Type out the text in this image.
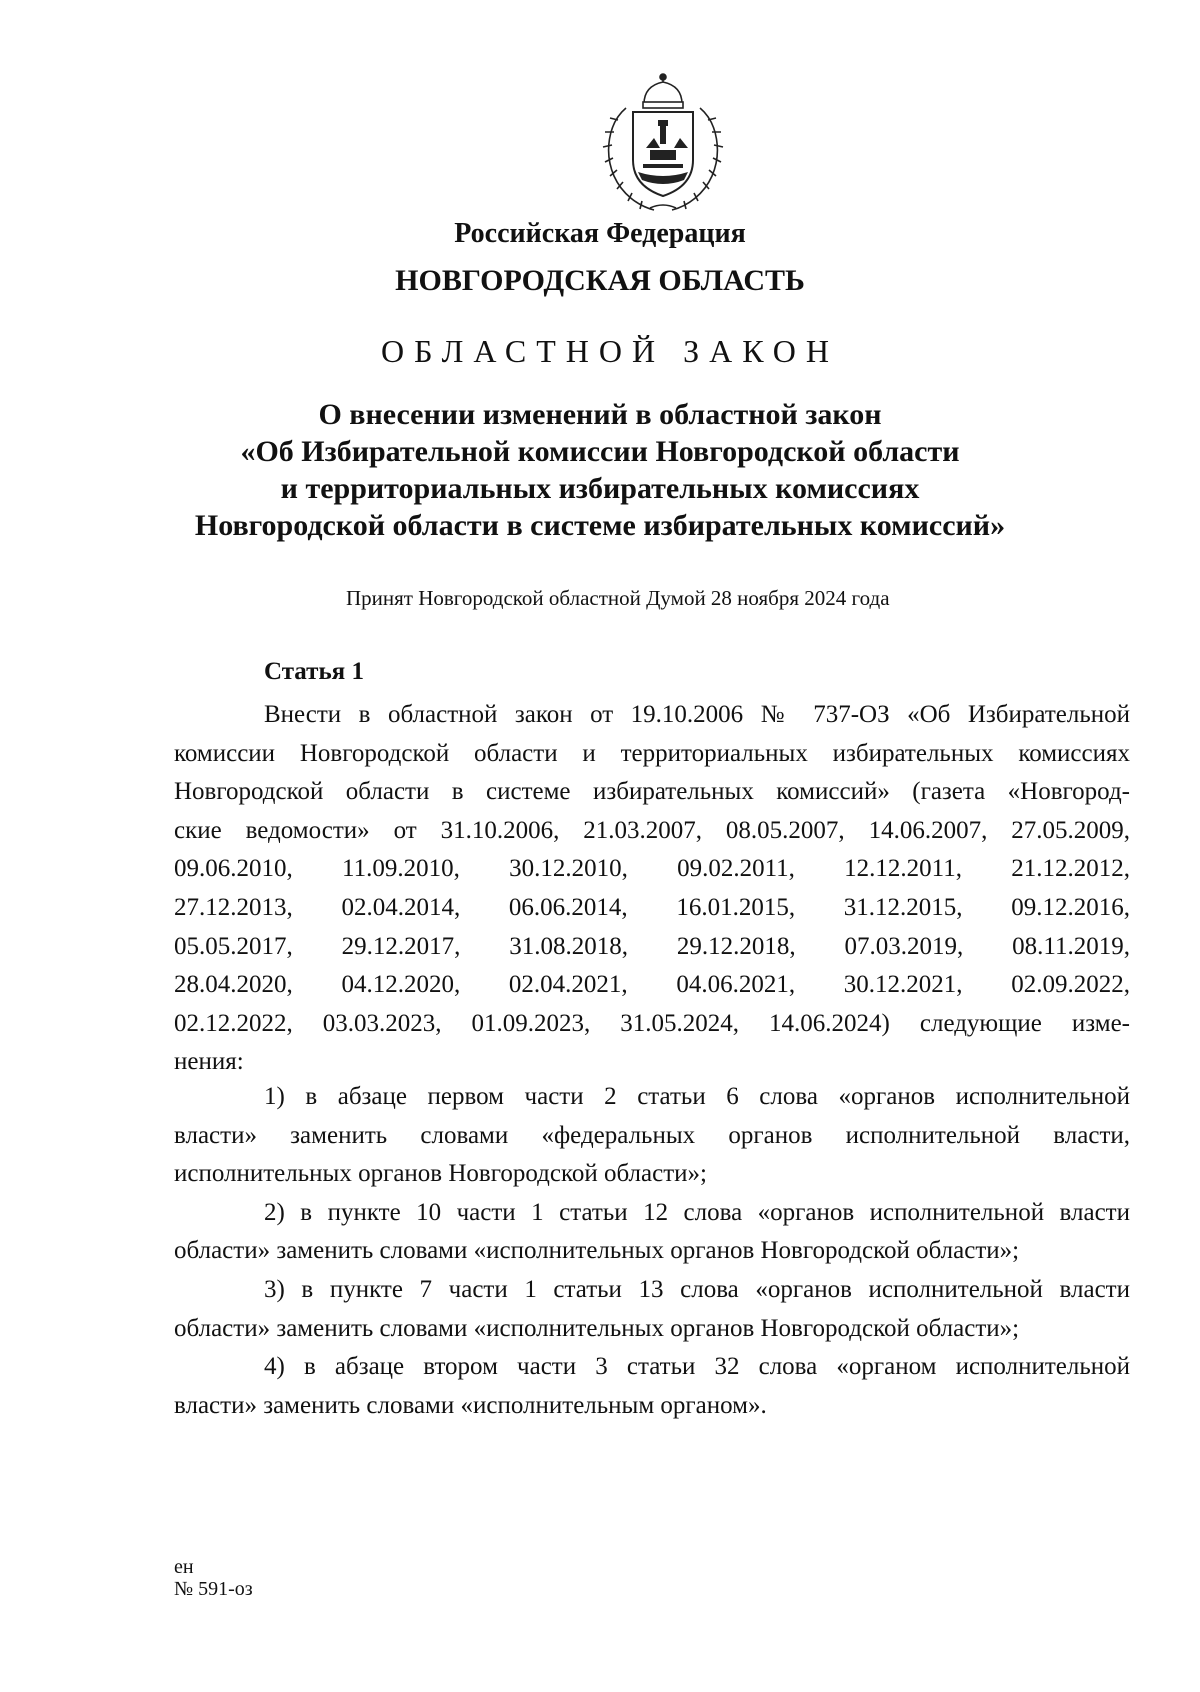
Российская Федерация
НОВГОРОДСКАЯ ОБЛАСТЬ
ОБЛАСТНОЙ ЗАКОН
О внесении изменений в областной закон
«Об Избирательной комиссии Новгородской области
и территориальных избирательных комиссиях
Новгородской области в системе избирательных комиссий»
Принят Новгородской областной Думой 28 ноября 2024 года
Статья 1
Внести в областной закон от 19.10.2006 № 737-ОЗ «Об Избирательной
комиссии Новгородской области и территориальных избирательных комиссиях
Новгородской области в системе избирательных комиссий» (газета «Новгород-
ские ведомости» от 31.10.2006, 21.03.2007, 08.05.2007, 14.06.2007, 27.05.2009,
09.06.2010, 11.09.2010, 30.12.2010, 09.02.2011, 12.12.2011, 21.12.2012,
27.12.2013, 02.04.2014, 06.06.2014, 16.01.2015, 31.12.2015, 09.12.2016,
05.05.2017, 29.12.2017, 31.08.2018, 29.12.2018, 07.03.2019, 08.11.2019,
28.04.2020, 04.12.2020, 02.04.2021, 04.06.2021, 30.12.2021, 02.09.2022,
02.12.2022, 03.03.2023, 01.09.2023, 31.05.2024, 14.06.2024) следующие изме-
нения:
1) в абзаце первом части 2 статьи 6 слова «органов исполнительной
власти» заменить словами «федеральных органов исполнительной власти,
исполнительных органов Новгородской области»;
2) в пункте 10 части 1 статьи 12 слова «органов исполнительной власти
области» заменить словами «исполнительных органов Новгородской области»;
3) в пункте 7 части 1 статьи 13 слова «органов исполнительной власти
области» заменить словами «исполнительных органов Новгородской области»;
4) в абзаце втором части 3 статьи 32 слова «органом исполнительной
власти» заменить словами «исполнительным органом».
ен
№ 591-оз
